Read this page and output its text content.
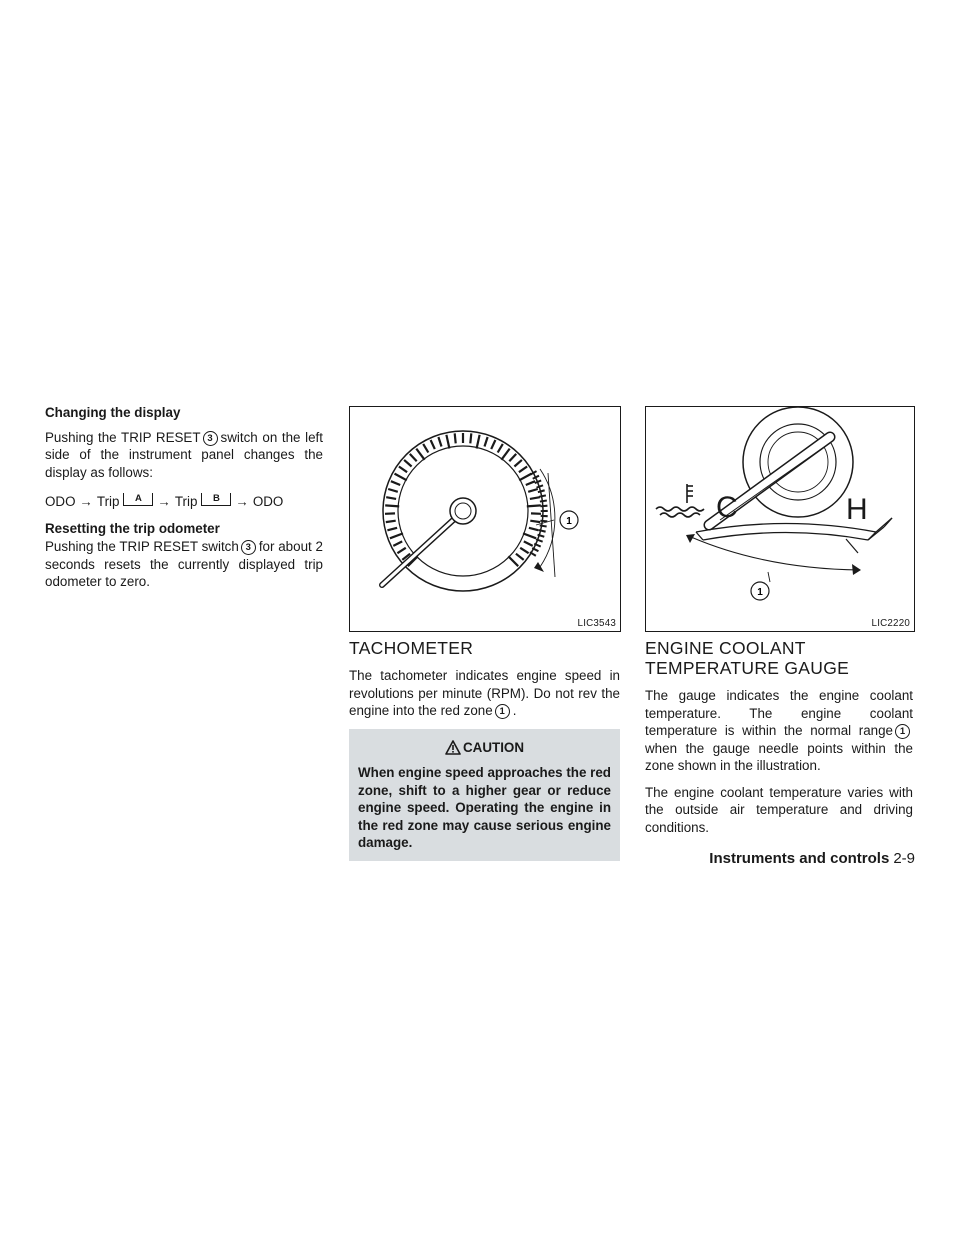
Changing the display

Pushing the TRIP RESET 3 switch on the left side of the instrument panel changes the display as follows:

ODO → Trip	A	→ Trip	B	→ ODO
Resetting the trip odometer

Pushing the TRIP RESET switch 3 for about 2 seconds resets the currently displayed trip odometer to zero.

1
LIC3543
TACHOMETER

The tachometer indicates engine speed in revolutions per minute (RPM). Do not rev the engine into the red zone 1 .

CAUTION
When engine speed approaches the red zone, shift to a higher gear or reduce engine speed. Operating the engine in the red zone may cause serious engine damage.
C	H
1
LIC2220
ENGINE COOLANT TEMPERATURE GAUGE

The gauge indicates the engine coolant temperature. The engine coolant temperature is within the normal range 1when the gauge needle points within the zone shown in the illustration.

The engine coolant temperature varies with the outside air temperature and driving conditions.

Instruments and controls 2-9
